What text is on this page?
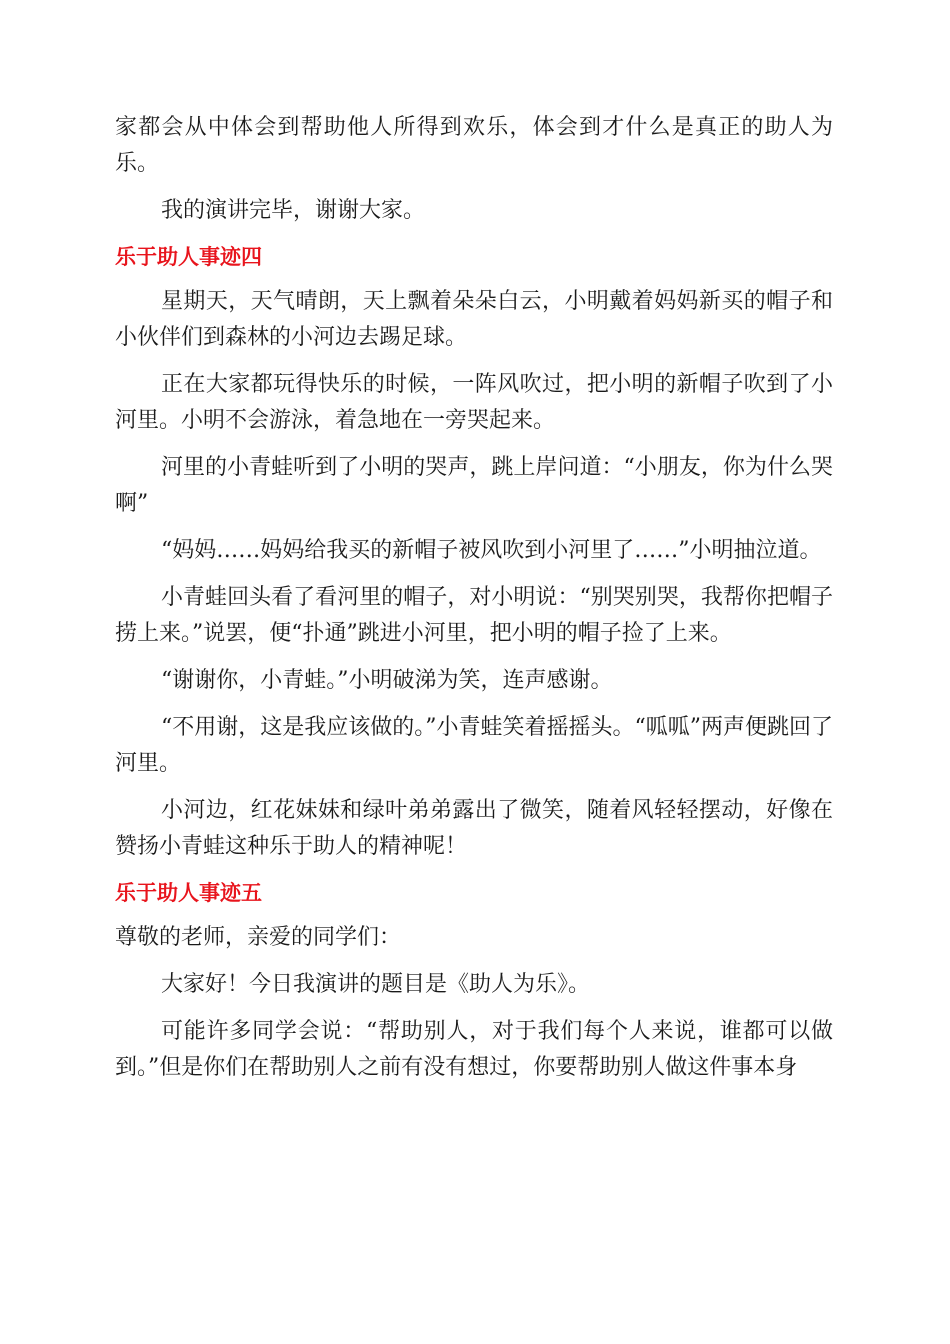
家都会从中体会到帮助他人所得到欢乐，体会到才什么是真正的助人为乐。

我的演讲完毕，谢谢大家。

乐于助人事迹四

星期天，天气晴朗，天上飘着朵朵白云，小明戴着妈妈新买的帽子和小伙伴们到森林的小河边去踢足球。

正在大家都玩得快乐的时候，一阵风吹过，把小明的新帽子吹到了小河里。小明不会游泳，着急地在一旁哭起来。

河里的小青蛙听到了小明的哭声，跳上岸问道：“小朋友，你为什么哭啊”

“妈妈……妈妈给我买的新帽子被风吹到小河里了……”小明抽泣道。

小青蛙回头看了看河里的帽子，对小明说：“别哭别哭，我帮你把帽子捞上来。”说罢，便“扑通”跳进小河里，把小明的帽子捡了上来。

“谢谢你，小青蛙。”小明破涕为笑，连声感谢。

“不用谢，这是我应该做的。”小青蛙笑着摇摇头。“呱呱”两声便跳回了河里。

小河边，红花妹妹和绿叶弟弟露出了微笑，随着风轻轻摆动，好像在赞扬小青蛙这种乐于助人的精神呢！

乐于助人事迹五

尊敬的老师，亲爱的同学们：

大家好！今日我演讲的题目是《助人为乐》。

可能许多同学会说：“帮助别人，对于我们每个人来说，谁都可以做到。”但是你们在帮助别人之前有没有想过，你要帮助别人做这件事本身
